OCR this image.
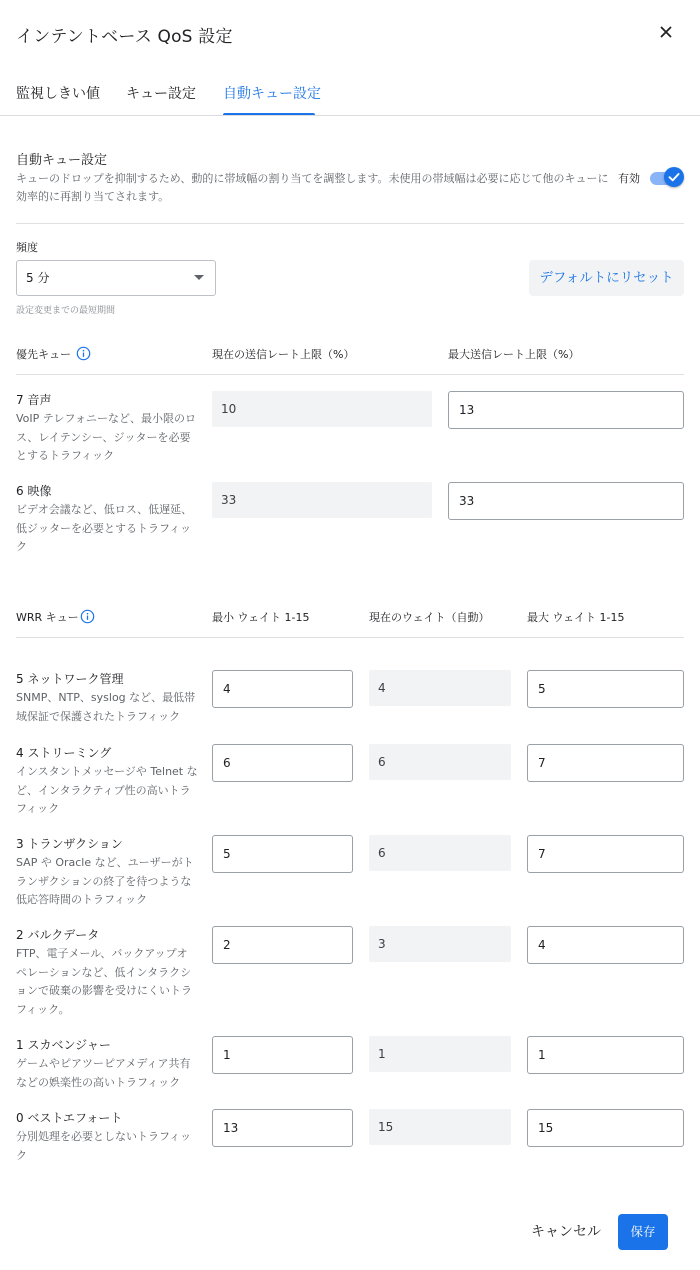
インテントベース QoS 設定
監視しきい値 キュー設定 自動キュー設定
自動キュー設定
キューのドロップを抑制するため、動的に帯域幅の割り当てを調整します。未使用の帯域幅は必要に応じて他のキューに効率的に再割り当てされます。
有効
頻度
5 分
設定変更までの最短期間
デフォルトにリセット
優先キュー	現在の送信レート上限（%）	最大送信レート上限（%）
7 音声
VoIP テレフォニーなど、最小限のロス、レイテンシー、ジッターを必要とするトラフィック
10	13
6 映像
ビデオ会議など、低ロス、低遅延、低ジッターを必要とするトラフィック
33	33
WRR キュー	最小 ウェイト 1-15	現在のウェイト（自動）	最大 ウェイト 1-15
5 ネットワーク管理
SNMP、NTP、syslog など、最低帯域保証で保護されたトラフィック
4	4	5
4 ストリーミング
インスタントメッセージや Telnet など、インタラクティブ性の高いトラフィック
6	6	7
3 トランザクション
SAP や Oracle など、ユーザーがトランザクションの終了を待つような低応答時間のトラフィック
5	6	7
2 バルクデータ
FTP、電子メール、バックアップオペレーションなど、低インタラクションで破棄の影響を受けにくいトラフィック。
2	3	4
1 スカベンジャー
ゲームやピアツーピアメディア共有などの娯楽性の高いトラフィック
1	1	1
0 ベストエフォート
分別処理を必要としないトラフィック
13	15	15
キャンセル	保存
